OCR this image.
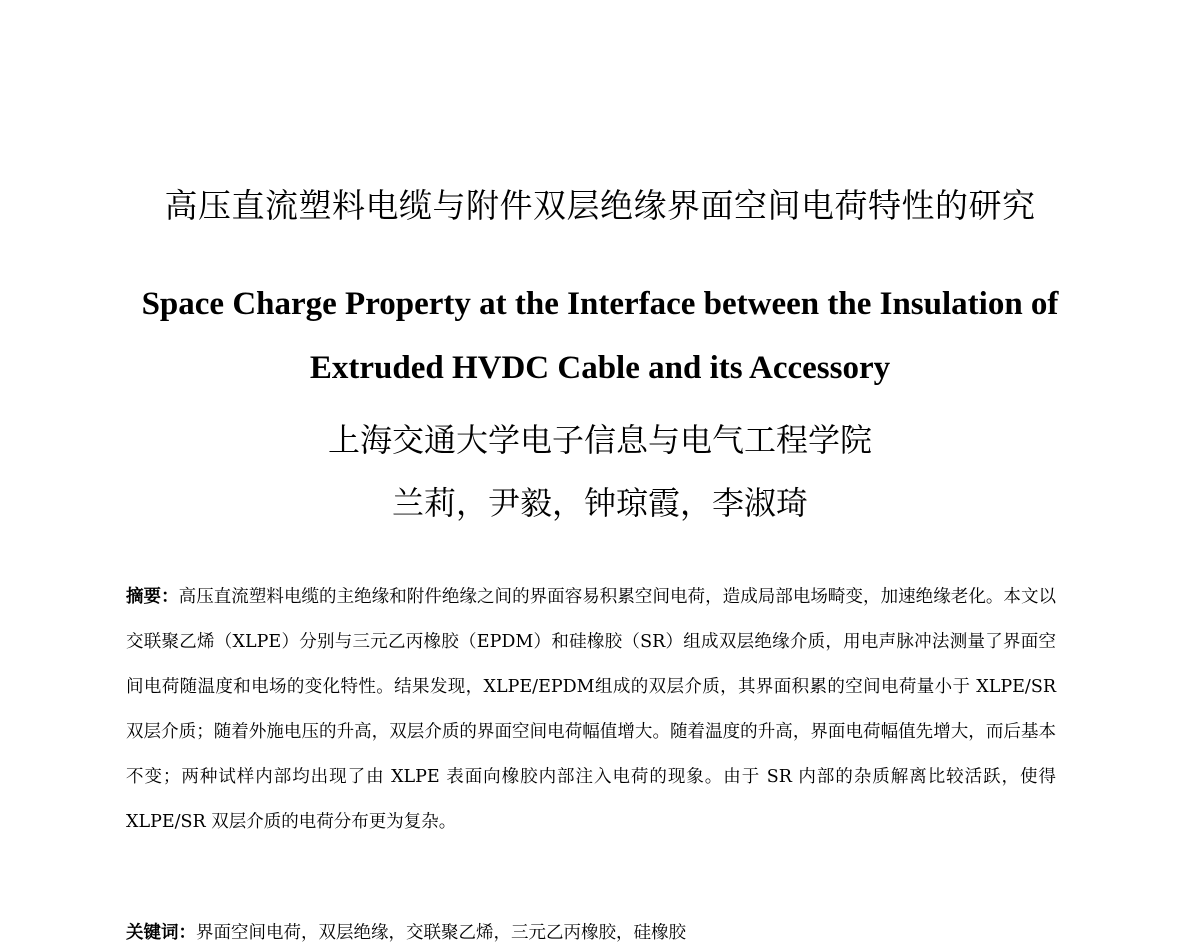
高压直流塑料电缆与附件双层绝缘界面空间电荷特性的研究
Space Charge Property at the Interface between the Insulation of
Extruded HVDC Cable and its Accessory
上海交通大学电子信息与电气工程学院
兰莉，尹毅，钟琼霞，李淑琦
摘要：高压直流塑料电缆的主绝缘和附件绝缘之间的界面容易积累空间电荷，造成局部电场畸变，加速绝缘老化。本文以交联聚乙烯（XLPE）分别与三元乙丙橡胶（EPDM）和硅橡胶（SR）组成双层绝缘介质，用电声脉冲法测量了界面空间电荷随温度和电场的变化特性。结果发现，XLPE/EPDM组成的双层介质，其界面积累的空间电荷量小于 XLPE/SR 双层介质；随着外施电压的升高，双层介质的界面空间电荷幅值增大。随着温度的升高，界面电荷幅值先增大，而后基本不变；两种试样内部均出现了由 XLPE 表面向橡胶内部注入电荷的现象。由于 SR 内部的杂质解离比较活跃，使得XLPE/SR 双层介质的电荷分布更为复杂。
关键词：界面空间电荷，双层绝缘，交联聚乙烯，三元乙丙橡胶，硅橡胶
